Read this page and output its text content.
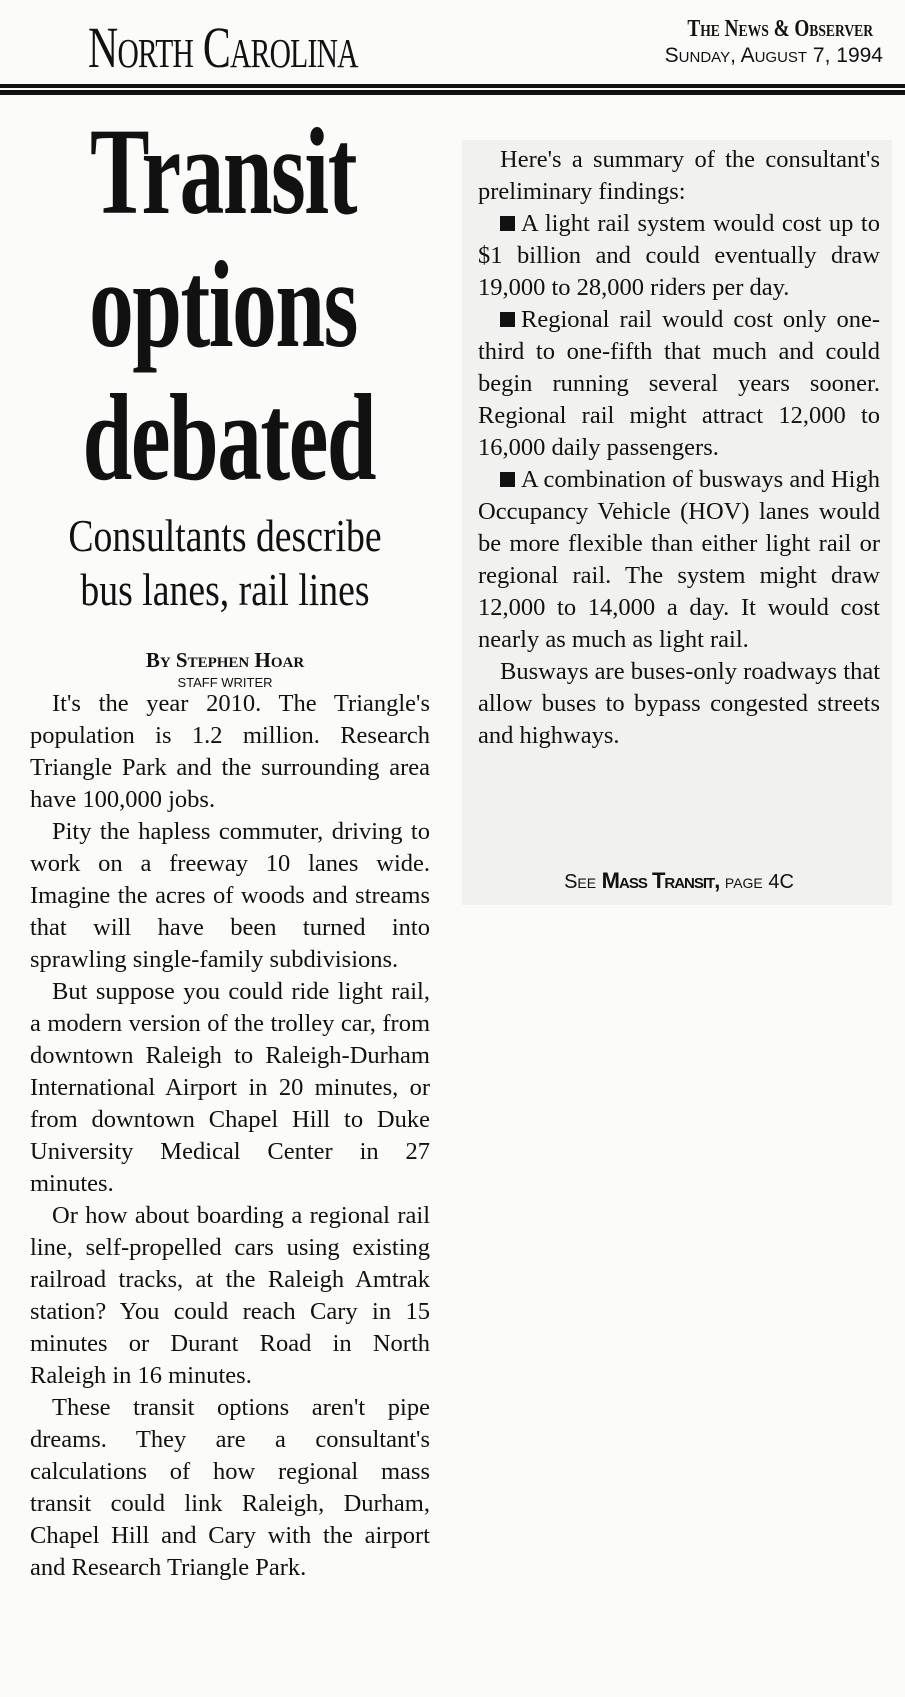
North Carolina	The News & Observer
Sunday, August 7, 1994
Transit
options
debated
Consultants describe
bus lanes, rail lines
By Stephen Hoar
STAFF WRITER

It's the year 2010. The Triangle's population is 1.2 million. Research Triangle Park and the surrounding area have 100,000 jobs.

Pity the hapless commuter, driving to work on a freeway 10 lanes wide. Imagine the acres of woods and streams that will have been turned into sprawling single-family subdivisions.

But suppose you could ride light rail, a modern version of the trolley car, from downtown Raleigh to Raleigh-Durham International Airport in 20 minutes, or from downtown Chapel Hill to Duke University Medical Center in 27 minutes.

Or how about boarding a regional rail line, self-propelled cars using existing railroad tracks, at the Raleigh Amtrak station? You could reach Cary in 15 minutes or Durant Road in North Raleigh in 16 minutes.

These transit options aren't pipe dreams. They are a consultant's calculations of how regional mass transit could link Raleigh, Durham, Chapel Hill and Cary with the airport and Research Triangle Park.

Here's a summary of the consultant's preliminary findings:

A light rail system would cost up to $1 billion and could eventually draw 19,000 to 28,000 riders per day.

Regional rail would cost only one-third to one-fifth that much and could begin running several years sooner. Regional rail might attract 12,000 to 16,000 daily passengers.

A combination of busways and High Occupancy Vehicle (HOV) lanes would be more flexible than either light rail or regional rail. The system might draw 12,000 to 14,000 a day. It would cost nearly as much as light rail.

Busways are buses-only roadways that allow buses to bypass congested streets and highways.

See Mass Transit, page 4C
